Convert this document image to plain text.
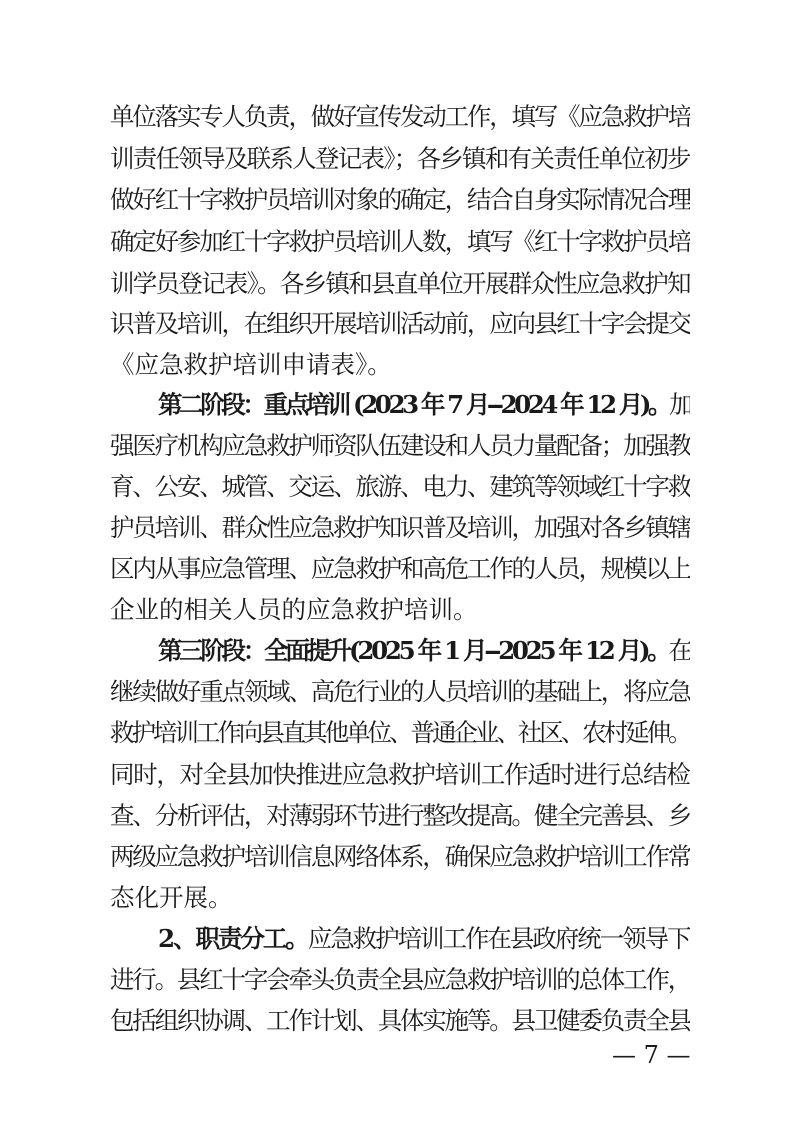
单位落实专人负责，做好宣传发动工作，填写《应急救护培
训责任领导及联系人登记表》；各乡镇和有关责任单位初步
做好红十字救护员培训对象的确定，结合自身实际情况合理
确定好参加红十字救护员培训人数，填写《红十字救护员培
训学员登记表》。各乡镇和县直单位开展群众性应急救护知
识普及培训，在组织开展培训活动前，应向县红十字会提交
《应急救护培训申请表》。
第二阶段：重点培训 (2023 年 7 月--2024 年 12 月)。加
强医疗机构应急救护师资队伍建设和人员力量配备；加强教
育、公安、城管、交运、旅游、电力、建筑等领域红十字救
护员培训、群众性应急救护知识普及培训，加强对各乡镇辖
区内从事应急管理、应急救护和高危工作的人员，规模以上
企业的相关人员的应急救护培训。
第三阶段：全面提升(2025 年 1 月--2025 年 12 月)。在
继续做好重点领域、高危行业的人员培训的基础上，将应急
救护培训工作向县直其他单位、普通企业、社区、农村延伸。
同时，对全县加快推进应急救护培训工作适时进行总结检
查、分析评估，对薄弱环节进行整改提高。健全完善县、乡
两级应急救护培训信息网络体系，确保应急救护培训工作常
态化开展。
2、职责分工。应急救护培训工作在县政府统一领导下
进行。县红十字会牵头负责全县应急救护培训的总体工作，
包括组织协调、工作计划、具体实施等。县卫健委负责全县
— 7 —
